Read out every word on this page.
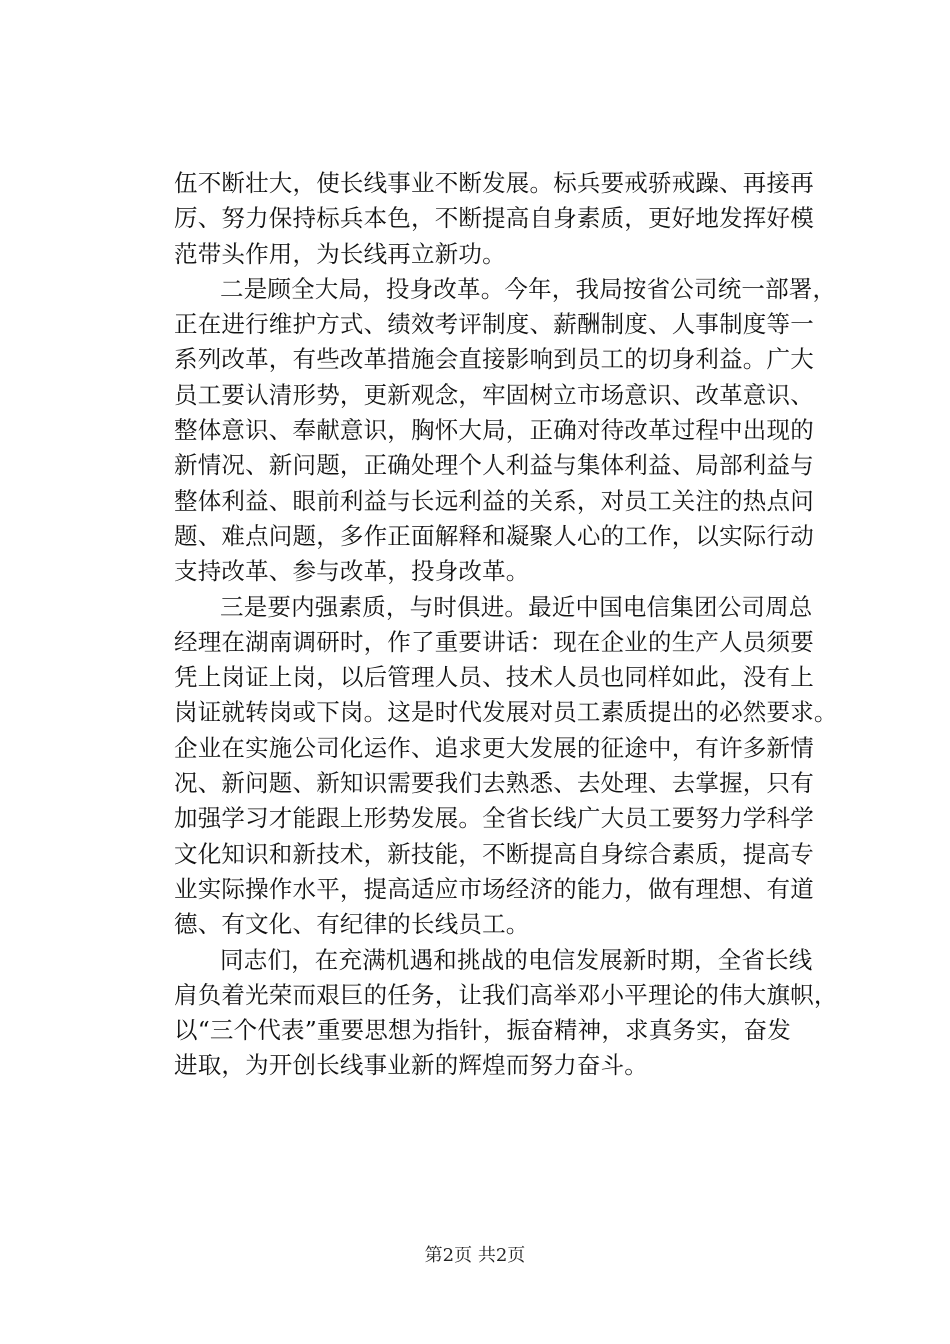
伍不断壮大，使长线事业不断发展。标兵要戒骄戒躁、再接再
厉、努力保持标兵本色，不断提高自身素质，更好地发挥好模
范带头作用，为长线再立新功。
二是顾全大局，投身改革。今年，我局按省公司统一部署，
正在进行维护方式、绩效考评制度、薪酬制度、人事制度等一
系列改革，有些改革措施会直接影响到员工的切身利益。广大
员工要认清形势，更新观念，牢固树立市场意识、改革意识、
整体意识、奉献意识，胸怀大局，正确对待改革过程中出现的
新情况、新问题，正确处理个人利益与集体利益、局部利益与
整体利益、眼前利益与长远利益的关系，对员工关注的热点问
题、难点问题，多作正面解释和凝聚人心的工作，以实际行动
支持改革、参与改革，投身改革。
三是要内强素质，与时俱进。最近中国电信集团公司周总
经理在湖南调研时，作了重要讲话：现在企业的生产人员须要
凭上岗证上岗，以后管理人员、技术人员也同样如此，没有上
岗证就转岗或下岗。这是时代发展对员工素质提出的必然要求。
企业在实施公司化运作、追求更大发展的征途中，有许多新情
况、新问题、新知识需要我们去熟悉、去处理、去掌握，只有
加强学习才能跟上形势发展。全省长线广大员工要努力学科学
文化知识和新技术，新技能，不断提高自身综合素质，提高专
业实际操作水平，提高适应市场经济的能力，做有理想、有道
德、有文化、有纪律的长线员工。
同志们，在充满机遇和挑战的电信发展新时期，全省长线
肩负着光荣而艰巨的任务，让我们高举邓小平理论的伟大旗帜，
以“三个代表”重要思想为指针，振奋精神，求真务实，奋发
进取，为开创长线事业新的辉煌而努力奋斗。
第2页 共2页
